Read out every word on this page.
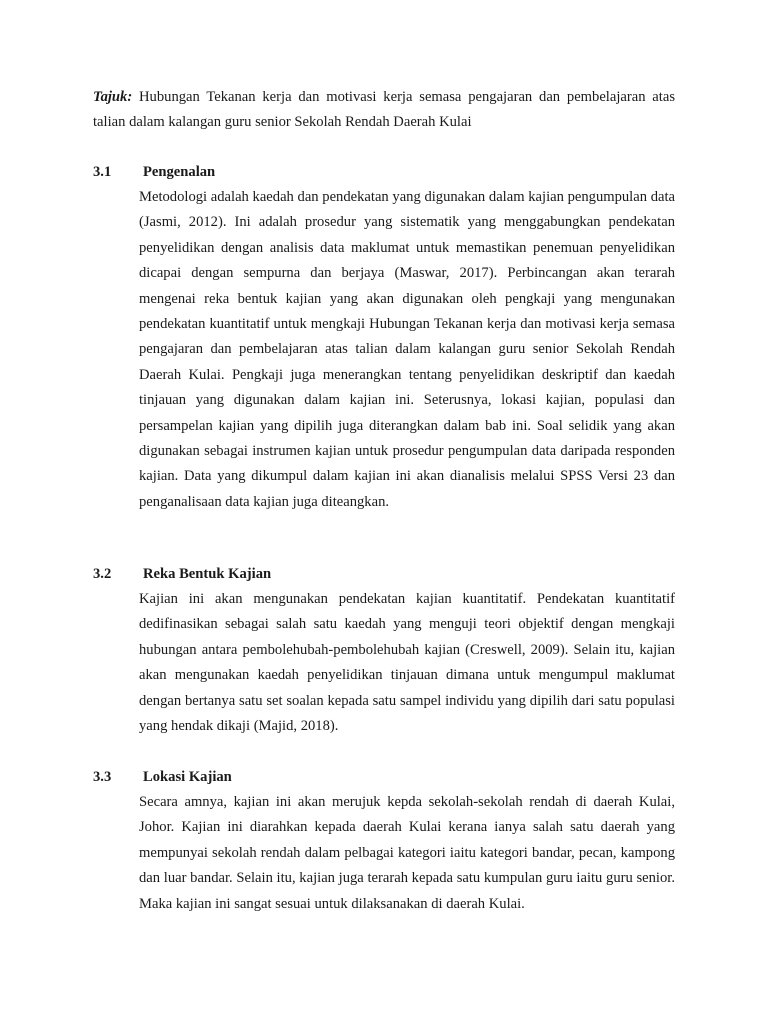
Tajuk: Hubungan Tekanan kerja dan motivasi kerja semasa pengajaran dan pembelajaran atas talian dalam kalangan guru senior Sekolah Rendah Daerah Kulai
3.1	Pengenalan
Metodologi adalah kaedah dan pendekatan yang digunakan dalam kajian pengumpulan data (Jasmi, 2012). Ini adalah prosedur yang sistematik yang menggabungkan pendekatan penyelidikan dengan analisis data maklumat untuk memastikan penemuan penyelidikan dicapai dengan sempurna dan berjaya (Maswar, 2017). Perbincangan akan terarah mengenai reka bentuk kajian yang akan digunakan oleh pengkaji yang mengunakan pendekatan kuantitatif untuk mengkaji Hubungan Tekanan kerja dan motivasi kerja semasa pengajaran dan pembelajaran atas talian dalam kalangan guru senior Sekolah Rendah Daerah Kulai. Pengkaji juga menerangkan tentang penyelidikan deskriptif dan kaedah tinjauan yang digunakan dalam kajian ini. Seterusnya, lokasi kajian, populasi dan persampelan kajian yang dipilih juga diterangkan dalam bab ini. Soal selidik yang akan digunakan sebagai instrumen kajian untuk prosedur pengumpulan data daripada responden kajian. Data yang dikumpul dalam kajian ini akan dianalisis melalui SPSS Versi 23 dan penganalisaan data kajian juga diteangkan.
3.2	Reka Bentuk Kajian
Kajian ini akan mengunakan pendekatan kajian kuantitatif. Pendekatan kuantitatif dedifinasikan sebagai salah satu kaedah yang menguji teori objektif dengan mengkaji hubungan antara pembolehubah-pembolehubah kajian (Creswell, 2009). Selain itu, kajian akan mengunakan kaedah penyelidikan tinjauan dimana untuk mengumpul maklumat dengan bertanya satu set soalan kepada satu sampel individu yang dipilih dari satu populasi yang hendak dikaji (Majid, 2018).
3.3	Lokasi Kajian
Secara amnya, kajian ini akan merujuk kepda sekolah-sekolah rendah di daerah Kulai, Johor. Kajian ini diarahkan kepada daerah Kulai kerana ianya salah satu daerah yang mempunyai sekolah rendah dalam pelbagai kategori iaitu kategori bandar, pecan, kampong dan luar bandar. Selain itu, kajian juga terarah kepada satu kumpulan guru iaitu guru senior. Maka kajian ini sangat sesuai untuk dilaksanakan di daerah Kulai.
